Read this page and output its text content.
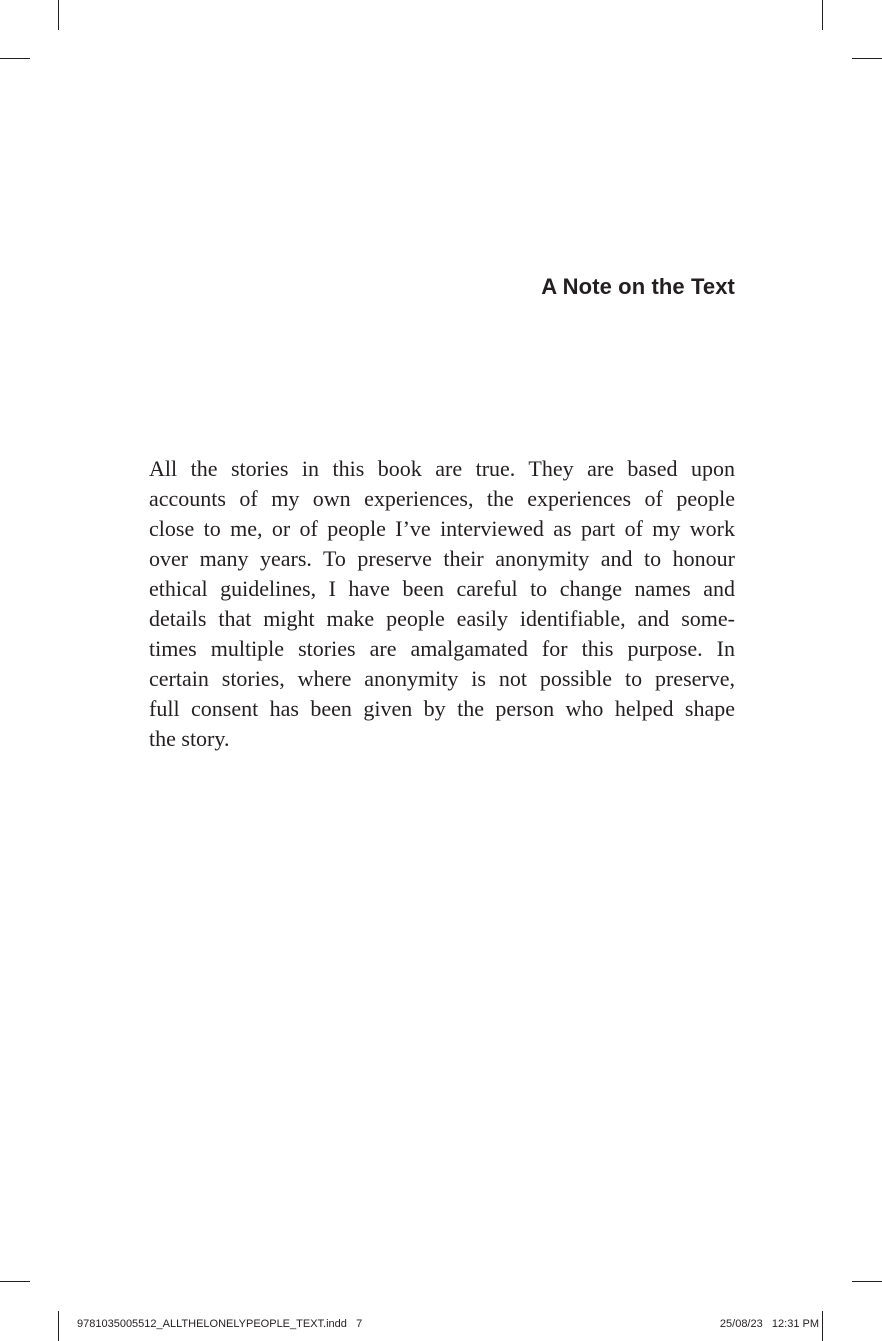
A Note on the Text
All the stories in this book are true. They are based upon
accounts of my own experiences, the experiences of people
close to me, or of people I’ve interviewed as part of my work
over many years. To preserve their anonymity and to honour
ethical guidelines, I have been careful to change names and
details that might make people easily identifiable, and some-
times multiple stories are amalgamated for this purpose. In
certain stories, where anonymity is not possible to preserve,
full consent has been given by the person who helped shape
the story.
9781035005512_ALLTHELONELYPEOPLE_TEXT.indd 7	25/08/23 12:31 PM
